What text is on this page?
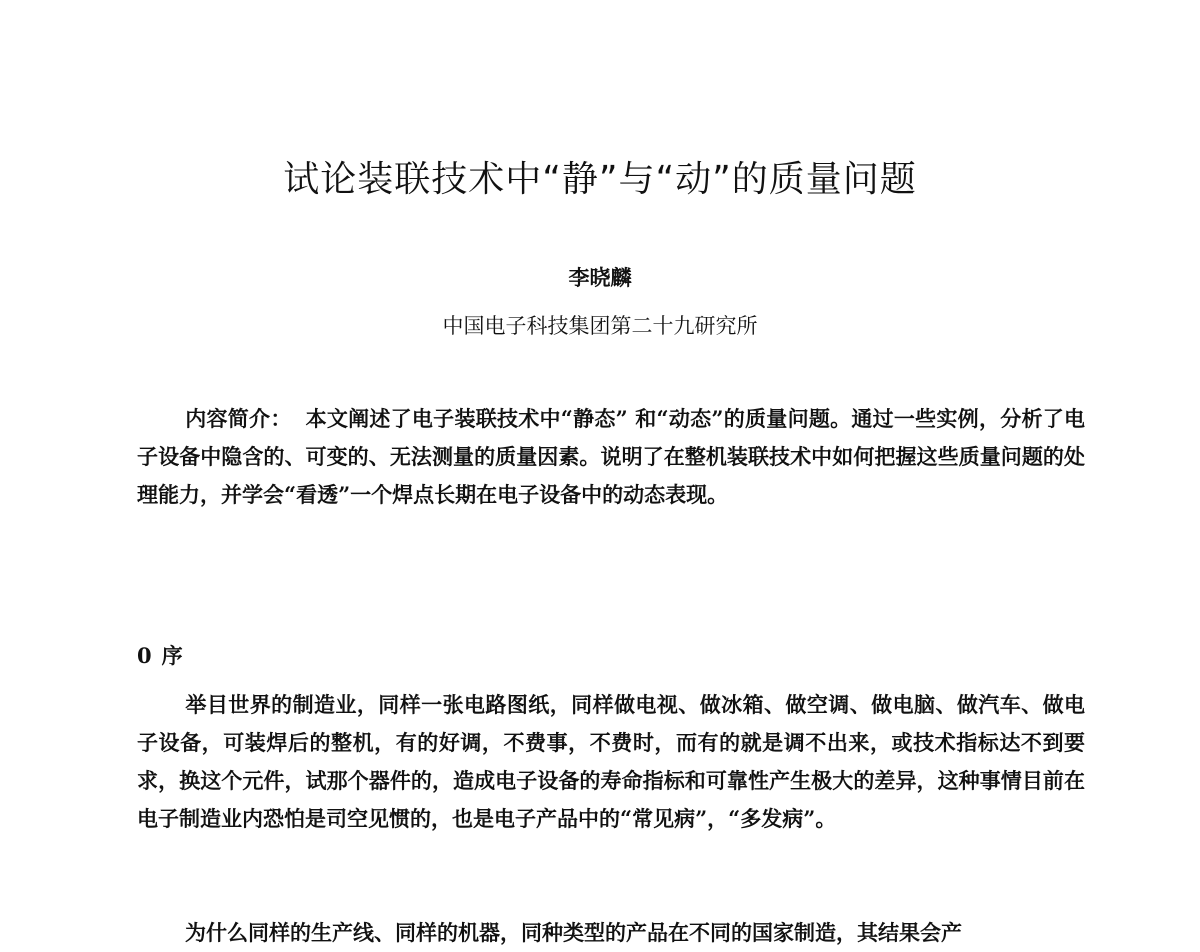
试论装联技术中“静”与“动”的质量问题
李晓麟
中国电子科技集团第二十九研究所

内容简介： 本文阐述了电子装联技术中“静态” 和“动态”的质量问题。通过一些实例，分析了电子设备中隐含的、可变的、无法测量的质量因素。说明了在整机装联技术中如何把握这些质量问题的处理能力，并学会“看透”一个焊点长期在电子设备中的动态表现。

0 序

举目世界的制造业，同样一张电路图纸，同样做电视、做冰箱、做空调、做电脑、做汽车、做电子设备，可装焊后的整机，有的好调，不费事，不费时，而有的就是调不出来，或技术指标达不到要求，换这个元件，试那个器件的，造成电子设备的寿命指标和可靠性产生极大的差异，这种事情目前在电子制造业内恐怕是司空见惯的，也是电子产品中的“常见病”，“多发病”。

为什么同样的生产线、同样的机器，同种类型的产品在不同的国家制造，其结果会产
